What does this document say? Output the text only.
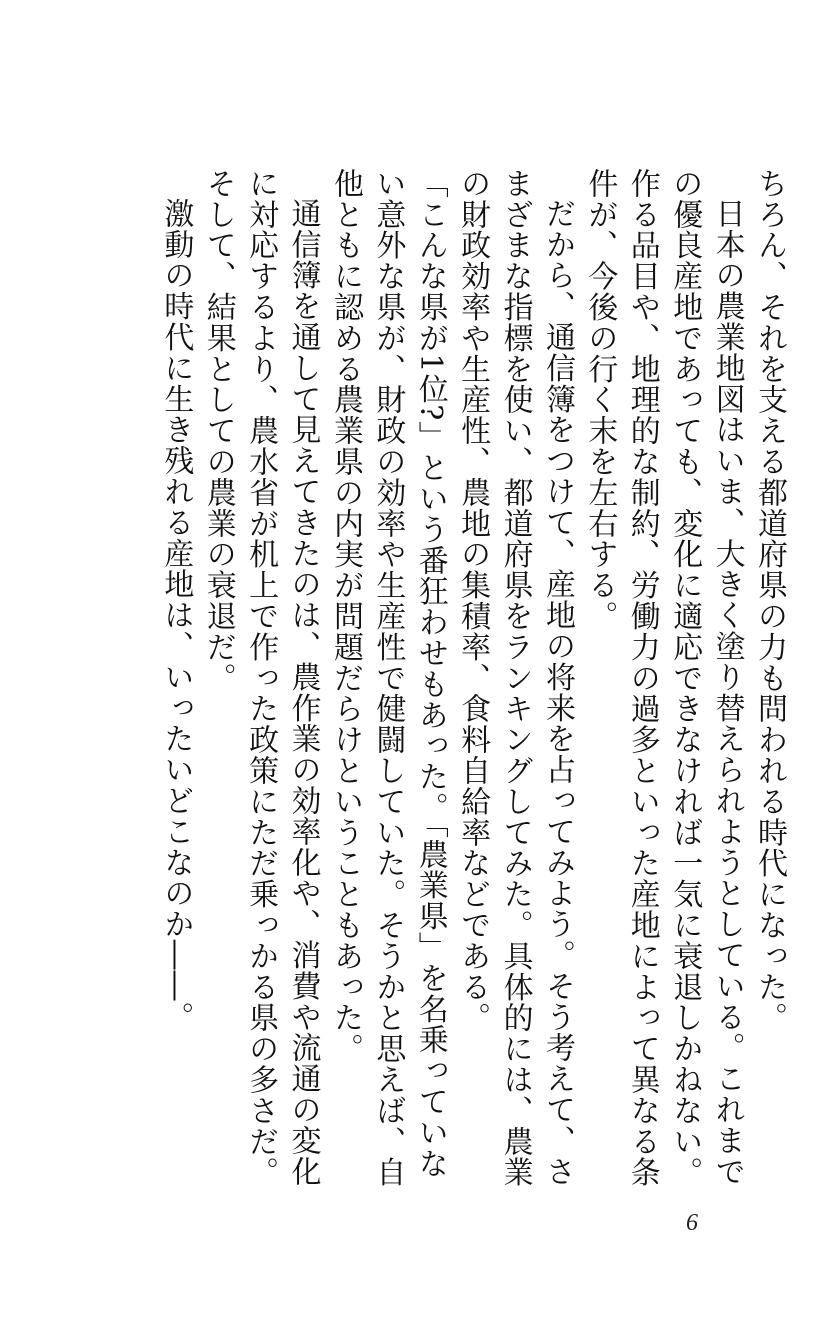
ちろん、それを支える都道府県の力も問われる時代になった。

日本の農業地図はいま、大きく塗り替えられようとしている。これまでの優良産地であっても、変化に適応できなければ一気に衰退しかねない。作る品目や、地理的な制約、労働力の過多といった産地によって異なる条件が、今後の行く末を左右する。

だから、通信簿をつけて、産地の将来を占ってみよう。そう考えて、さまざまな指標を使い、都道府県をランキングしてみた。具体的には、農業の財政効率や生産性、農地の集積率、食料自給率などである。

「こんな県が1位?」という番狂わせもあった。「農業県」を名乗っていない意外な県が、財政の効率や生産性で健闘していた。そうかと思えば、自他ともに認める農業県の内実が問題だらけということもあった。

通信簿を通して見えてきたのは、農作業の効率化や、消費や流通の変化に対応するより、農水省が机上で作った政策にただ乗っかる県の多さだ。そして、結果としての農業の衰退だ。

激動の時代に生き残れる産地は、いったいどこなのか――。

6
